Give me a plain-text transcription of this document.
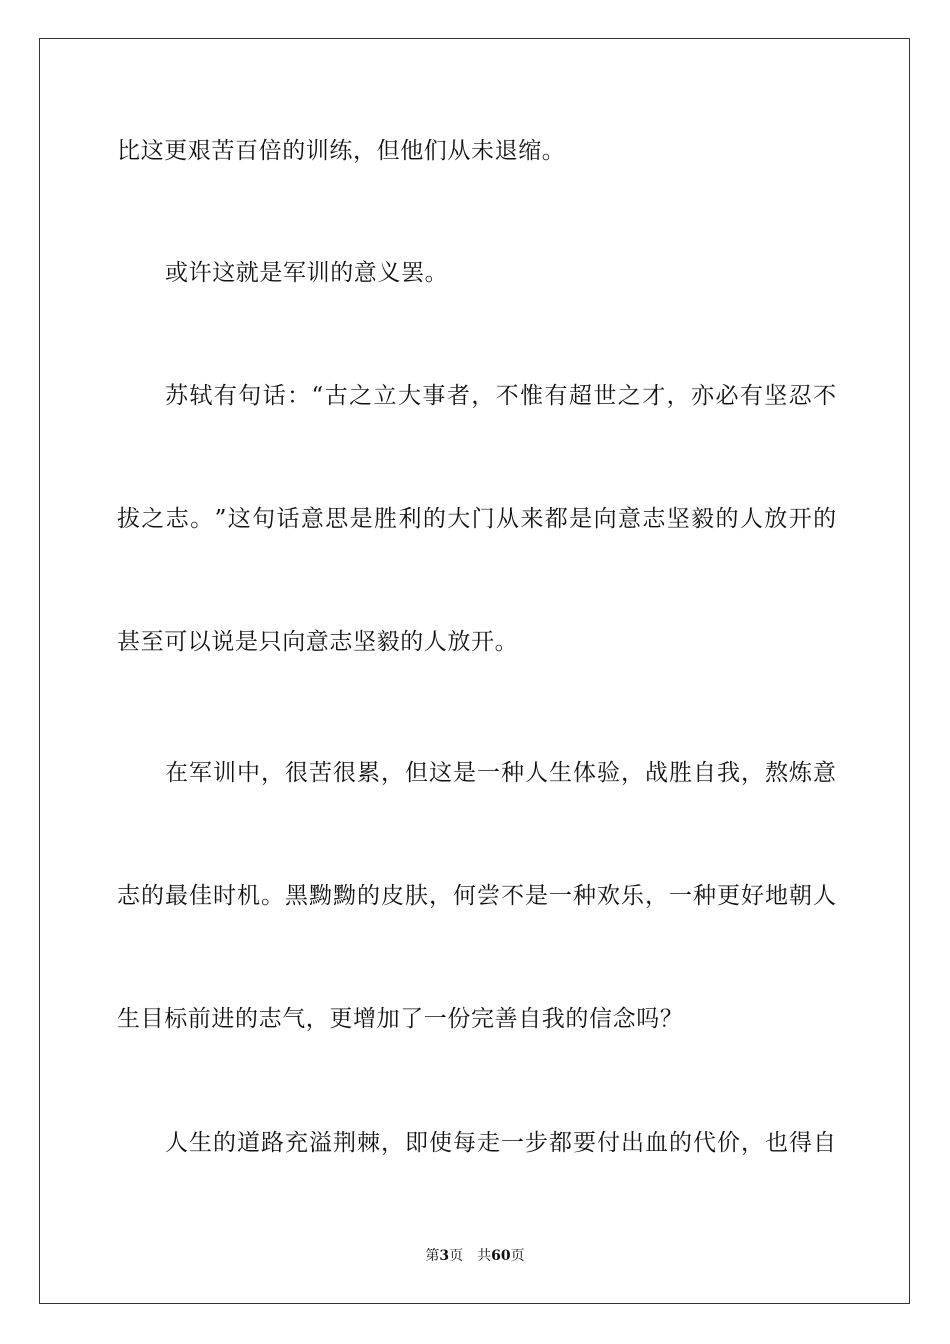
比这更艰苦百倍的训练，但他们从未退缩。
或许这就是军训的意义罢。
苏 轼 有 句 话 ： “ 古 之 立 大 事 者 ， 不 惟 有 超 世 之 才 ， 亦 必 有 坚 忍 不
拔 之 志 。 ” 这 句 话 意 思 是 胜 利 的 大 门 从 来 都 是 向 意 志 坚 毅 的 人 放 开 的
甚至可以说是只向意志坚毅的人放开。
在 军 训 中 ， 很 苦 很 累 ， 但 这 是 一 种 人 生 体 验 ， 战 胜 自 我 ， 熬 炼 意
志 的 最 佳 时 机 。 黑 黝 黝 的 皮 肤 ， 何 尝 不 是 一 种 欢 乐 ， 一 种 更 好 地 朝 人
生目标前进的志气，更增加了一份完善自我的信念吗？
人 生 的 道 路 充 溢 荆 棘 ， 即 使 每 走 一 步 都 要 付 出 血 的 代 价 ， 也 得 自
第3页 共60页
